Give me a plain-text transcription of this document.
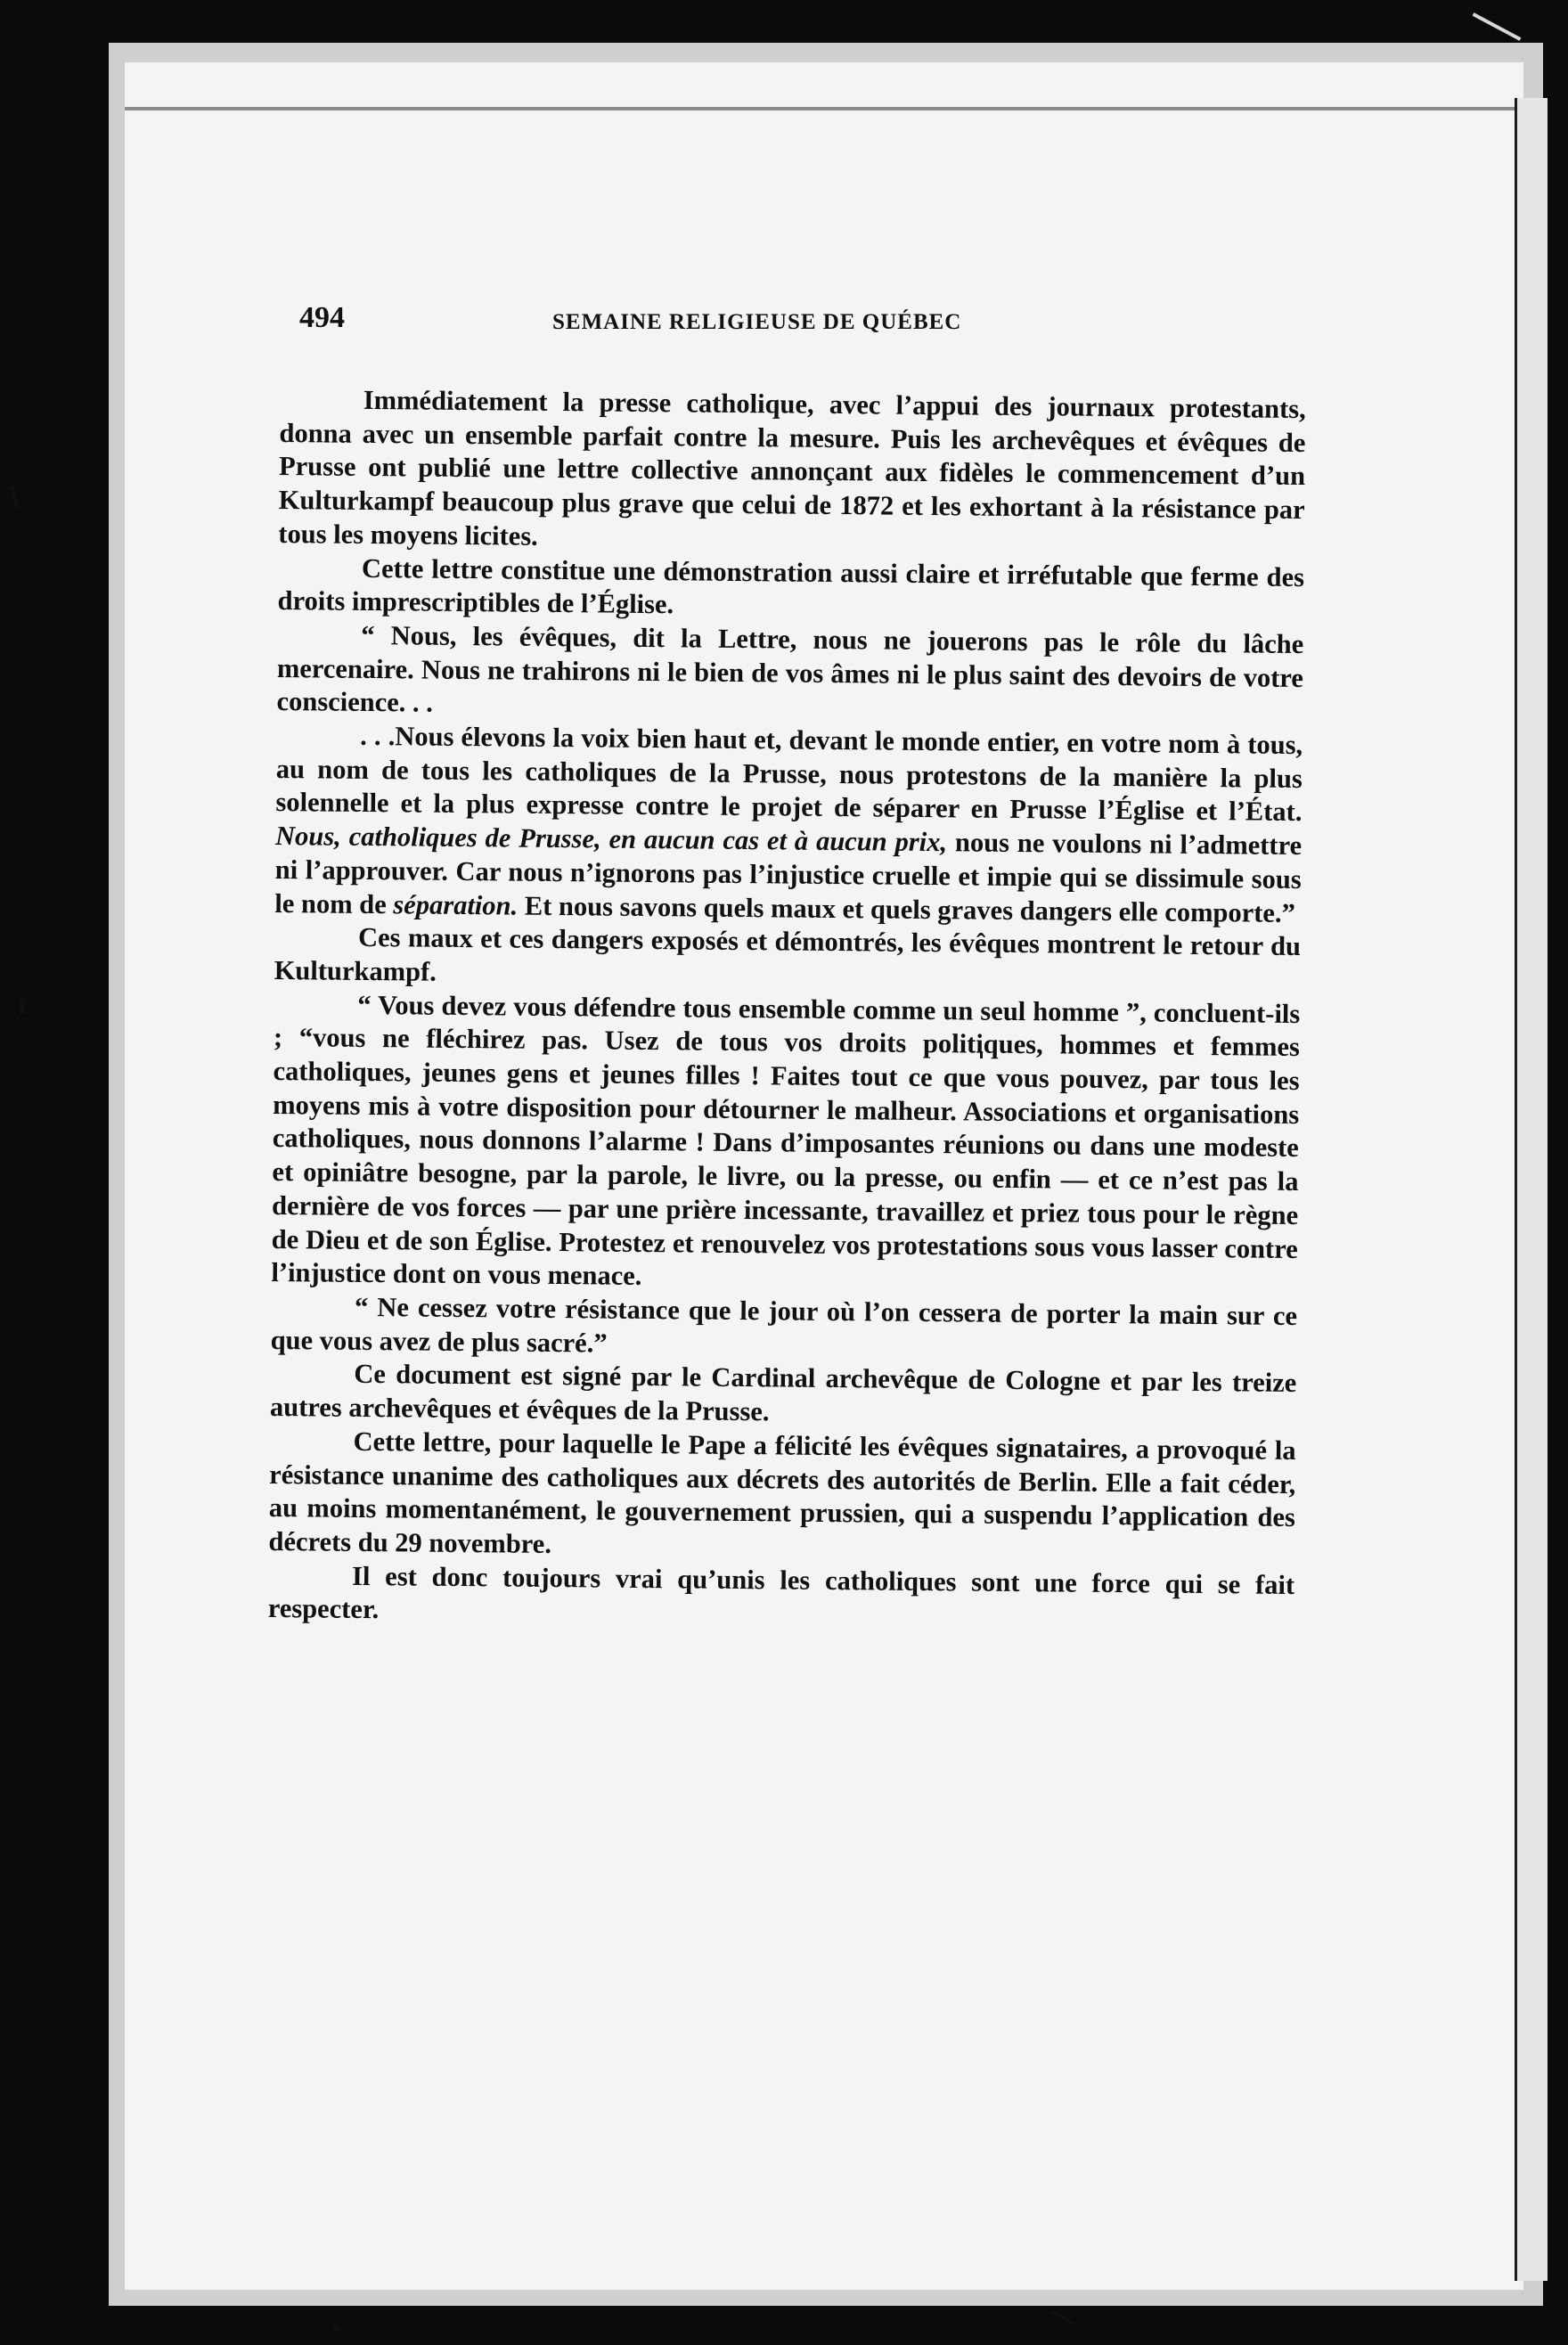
494	SEMAINE RELIGIEUSE DE QUÉBEC

Immédiatement la presse catholique, avec l’appui des journaux protestants, donna avec un ensemble parfait contre la mesure. Puis les archevêques et évêques de Prusse ont publié une lettre collective annonçant aux fidèles le commencement d’un Kulturkampf beaucoup plus grave que celui de 1872 et les exhortant à la résistance par tous les moyens licites.

Cette lettre constitue une démonstration aussi claire et irréfutable que ferme des droits imprescriptibles de l’Église.

“ Nous, les évêques, dit la Lettre, nous ne jouerons pas le rôle du lâche mercenaire. Nous ne trahirons ni le bien de vos âmes ni le plus saint des devoirs de votre conscience. . .

. . .Nous élevons la voix bien haut et, devant le monde entier, en votre nom à tous, au nom de tous les catholiques de la Prusse, nous protestons de la manière la plus solennelle et la plus expresse contre le projet de séparer en Prusse l’Église et l’État. Nous, catholiques de Prusse, en aucun cas et à aucun prix, nous ne voulons ni l’admettre ni l’approuver. Car nous n’ignorons pas l’injustice cruelle et impie qui se dissimule sous le nom de séparation. Et nous savons quels maux et quels graves dangers elle comporte.”

Ces maux et ces dangers exposés et démontrés, les évêques montrent le retour du Kulturkampf.

“ Vous devez vous défendre tous ensemble comme un seul homme ”, concluent-ils ; “vous ne fléchirez pas. Usez de tous vos droits politiques, hommes et femmes catholiques, jeunes gens et jeunes filles ! Faites tout ce que vous pouvez, par tous les moyens mis à votre disposition pour détourner le malheur. Associations et organisations catholiques, nous donnons l’alarme ! Dans d’imposantes réunions ou dans une modeste et opiniâtre besogne, par la parole, le livre, ou la presse, ou enfin — et ce n’est pas la dernière de vos forces — par une prière incessante, travaillez et priez tous pour le règne de Dieu et de son Église. Protestez et renouvelez vos protestations sous vous lasser contre l’injustice dont on vous menace.

“ Ne cessez votre résistance que le jour où l’on cessera de porter la main sur ce que vous avez de plus sacré.”

Ce document est signé par le Cardinal archevêque de Cologne et par les treize autres archevêques et évêques de la Prusse.

Cette lettre, pour laquelle le Pape a félicité les évêques signataires, a provoqué la résistance unanime des catholiques aux décrets des autorités de Berlin. Elle a fait céder, au moins momentanément, le gouvernement prussien, qui a suspendu l’application des décrets du 29 novembre.

Il est donc toujours vrai qu’unis les catholiques sont une force qui se fait respecter.
